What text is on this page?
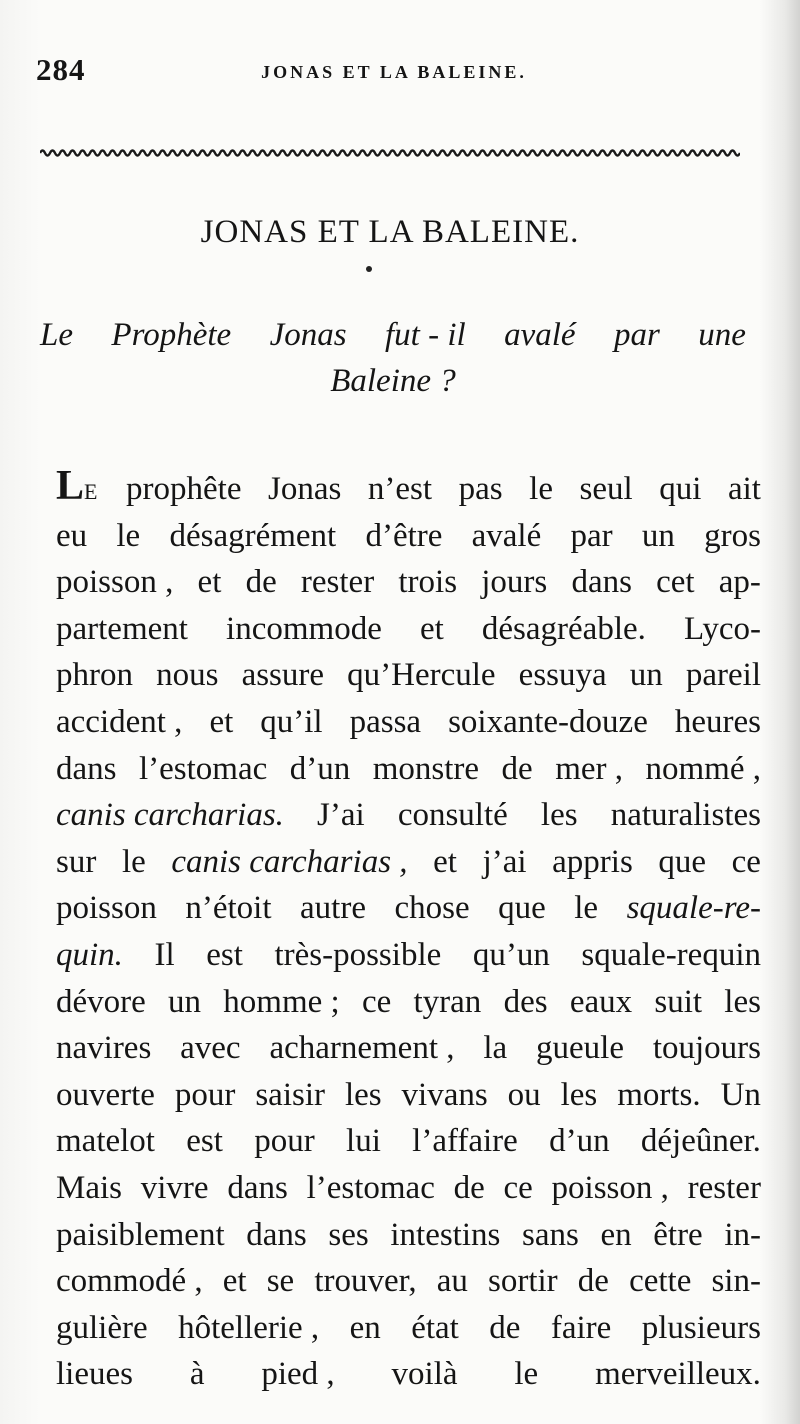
284	JONAS ET LA BALEINE.
JONAS ET LA BALEINE.
Le Prophète Jonas fut - il avalé par une
Baleine ?
LE prophête Jonas n’est pas le seul qui ait
eu le désagrément d’être avalé par un gros
poisson , et de rester trois jours dans cet ap-
partement incommode et désagréable. Lyco-
phron nous assure qu’Hercule essuya un pareil
accident , et qu’il passa soixante-douze heures
dans l’estomac d’un monstre de mer , nommé ,
canis carcharias. J’ai consulté les naturalistes
sur le canis carcharias , et j’ai appris que ce
poisson n’étoit autre chose que le squale-re-
quin. Il est très-possible qu’un squale-requin
dévore un homme ; ce tyran des eaux suit les
navires avec acharnement , la gueule toujours
ouverte pour saisir les vivans ou les morts. Un
matelot est pour lui l’affaire d’un déjeûner.
Mais vivre dans l’estomac de ce poisson , rester
paisiblement dans ses intestins sans en être in-
commodé , et se trouver, au sortir de cette sin-
gulière hôtellerie , en état de faire plusieurs
lieues à pied , voilà le merveilleux.
